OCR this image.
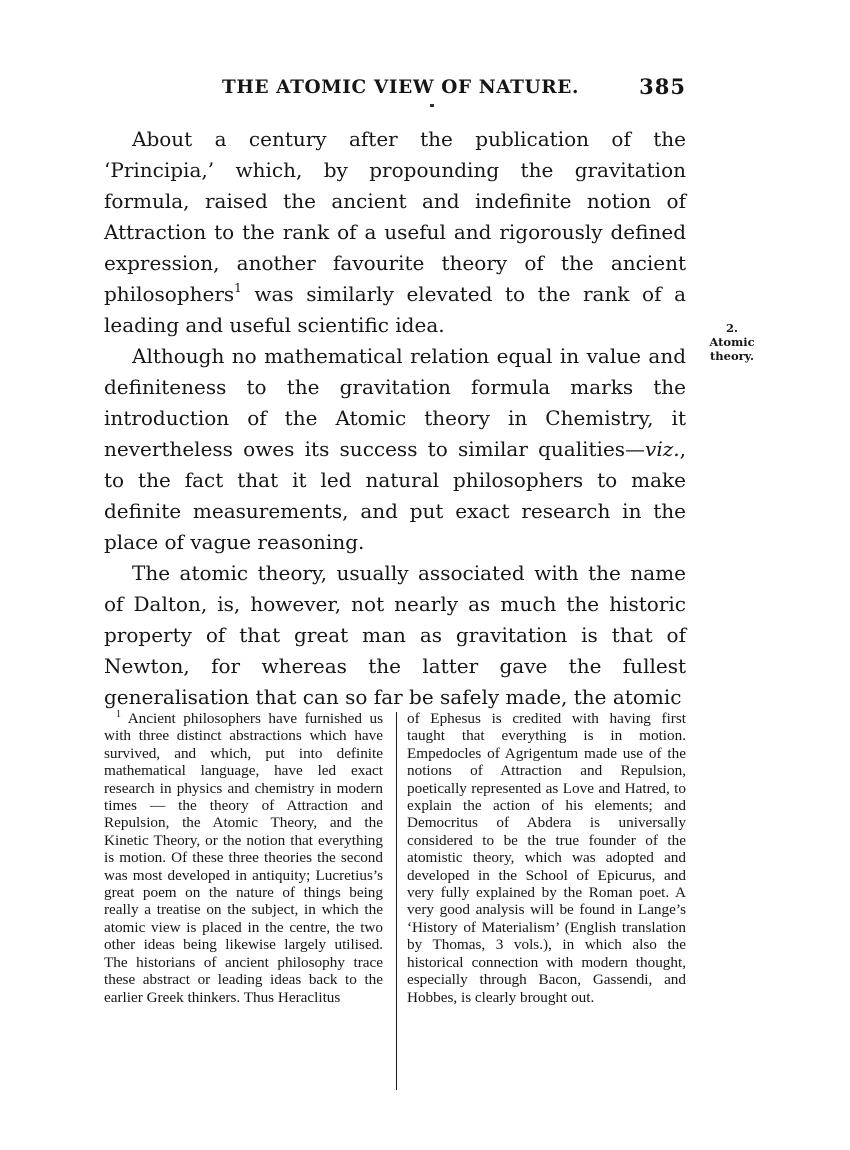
THE ATOMIC VIEW OF NATURE.	385

About a century after the publication of the ‘Principia,’ which, by propounding the gravitation formula, raised the ancient and indefinite notion of Attraction to the rank of a useful and rigorously defined expression, another favourite theory of the ancient philosophers$^1$ was similarly elevated to the rank of a leading and useful scientific idea.

Although no mathematical relation equal in value and definiteness to the gravitation formula marks the introduction of the Atomic theory in Chemistry, it nevertheless owes its success to similar qualities—viz., to the fact that it led natural philosophers to make definite measurements, and put exact research in the place of vague reasoning.

The atomic theory, usually associated with the name of Dalton, is, however, not nearly as much the historic property of that great man as gravitation is that of Newton, for whereas the latter gave the fullest generalisation that can so far be safely made, the atomic

2.
Atomic
theory.

$^1$ Ancient philosophers have furnished us with three distinct abstractions which have survived, and which, put into definite mathematical language, have led exact research in physics and chemistry in modern times — the theory of Attraction and Repulsion, the Atomic Theory, and the Kinetic Theory, or the notion that everything is motion. Of these three theories the second was most developed in antiquity; Lucretius’s great poem on the nature of things being really a treatise on the subject, in which the atomic view is placed in the centre, the two other ideas being likewise largely utilised. The historians of ancient philosophy trace these abstract or leading ideas back to the earlier Greek thinkers. Thus Heraclitus

of Ephesus is credited with having first taught that everything is in motion. Empedocles of Agrigentum made use of the notions of Attraction and Repulsion, poetically represented as Love and Hatred, to explain the action of his elements; and Democritus of Abdera is universally considered to be the true founder of the atomistic theory, which was adopted and developed in the School of Epicurus, and very fully explained by the Roman poet. A very good analysis will be found in Lange’s ‘History of Materialism’ (English translation by Thomas, 3 vols.), in which also the historical connection with modern thought, especially through Bacon, Gassendi, and Hobbes, is clearly brought out.
